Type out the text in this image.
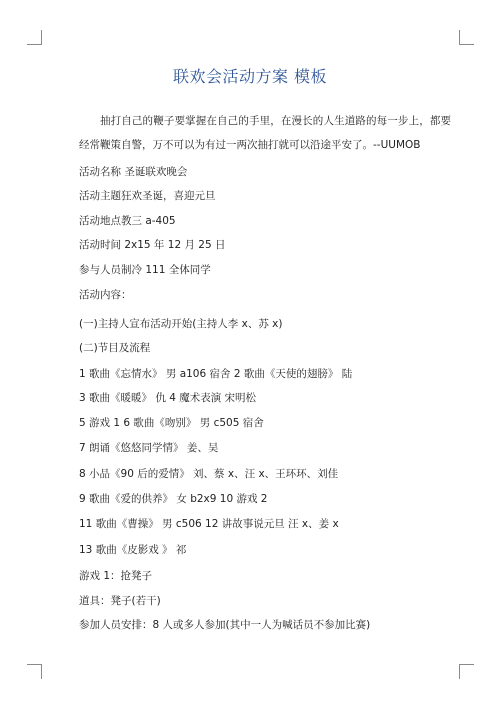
联欢会活动方案 模板
抽打自己的鞭子要掌握在自己的手里，在漫长的人生道路的每一步上，都要经常鞭策自警，万不可以为有过一两次抽打就可以沿途平安了。--UUMOB
活动名称 圣诞联欢晚会
活动主题狂欢圣诞，喜迎元旦
活动地点教三 a-405
活动时间 2x15 年 12 月 25 日
参与人员制冷 111 全体同学
活动内容：
(一)主持人宣布活动开始(主持人李 x、苏 x)
(二)节目及流程
1 歌曲《忘情水》 男 a106 宿舍 2 歌曲《天使的翅膀》 陆
3 歌曲《暖暖》 仇 4 魔术表演 宋明松
5 游戏 1 6 歌曲《吻别》 男 c505 宿舍
7 朗诵《悠悠同学情》 姜、吴
8 小品《90 后的爱情》 刘、蔡 x、汪 x、王环环、刘佳
9 歌曲《爱的供养》 女 b2x9 10 游戏 2
11 歌曲《曹操》 男 c506 12 讲故事说元旦 汪 x、姜 x
13 歌曲《皮影戏 》 祁
游戏 1：抢凳子
道具：凳子(若干)
参加人员安排：8 人或多人参加(其中一人为喊话员不参加比赛)
